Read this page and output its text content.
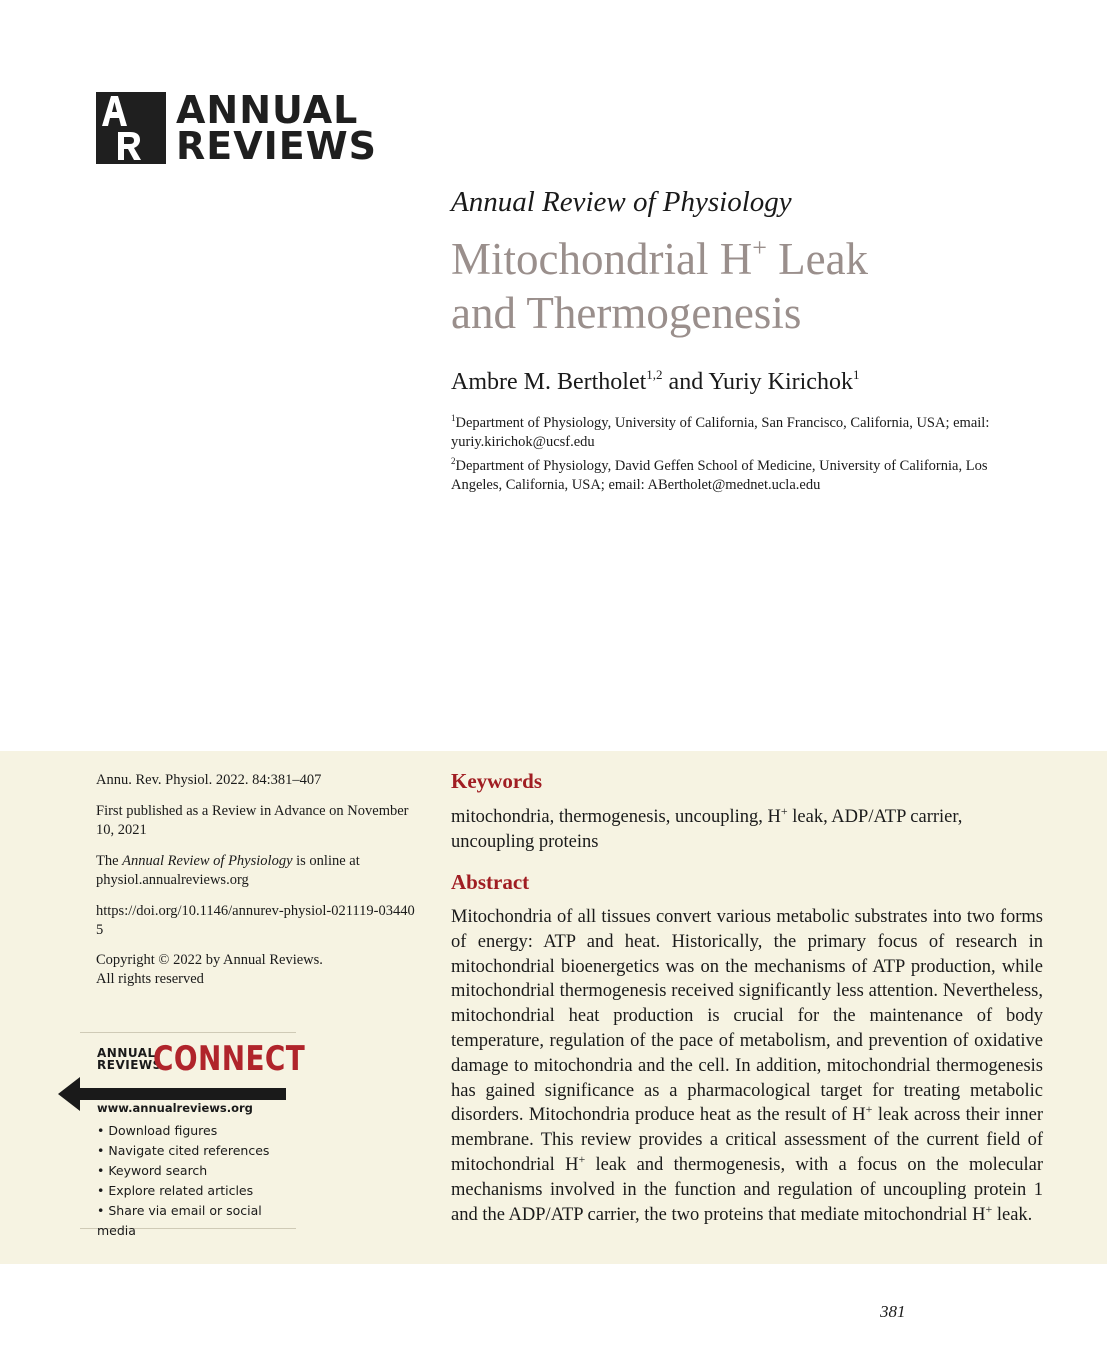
ANNUAL
REVIEWS
Annual Review of Physiology
Mitochondrial H+ Leak
and Thermogenesis
Ambre M. Bertholet$^{1,2}$ and Yuriy Kirichok$^1$
$^1$Department of Physiology, University of California, San Francisco, California, USA; email: yuriy.kirichok@ucsf.edu
$^2$Department of Physiology, David Geffen School of Medicine, University of California, Los Angeles, California, USA; email: ABertholet@mednet.ucla.edu
Annu. Rev. Physiol. 2022. 84:381–407
First published as a Review in Advance on November 10, 2021
The Annual Review of Physiology is online at physiol.annualreviews.org
https://doi.org/10.1146/annurev-physiol-021119-034405
Copyright © 2022 by Annual Reviews.
All rights reserved
ANNUAL
REVIEWS
CONNECT
www.annualreviews.org
• Download figures
• Navigate cited references
• Keyword search
• Explore related articles
• Share via email or social media
Keywords
mitochondria, thermogenesis, uncoupling, H+ leak, ADP/ATP carrier, uncoupling proteins
Abstract
Mitochondria of all tissues convert various metabolic substrates into two forms of energy: ATP and heat. Historically, the primary focus of research in mitochondrial bioenergetics was on the mechanisms of ATP production, while mitochondrial thermogenesis received significantly less attention. Nevertheless, mitochondrial heat production is crucial for the maintenance of body temperature, regulation of the pace of metabolism, and prevention of oxidative damage to mitochondria and the cell. In addition, mitochondrial thermogenesis has gained significance as a pharmacological target for treating metabolic disorders. Mitochondria produce heat as the result of H+ leak across their inner membrane. This review provides a critical assessment of the current field of mitochondrial H+ leak and thermogenesis, with a focus on the molecular mechanisms involved in the function and regulation of uncoupling protein 1 and the ADP/ATP carrier, the two proteins that mediate mitochondrial H+ leak.
381
